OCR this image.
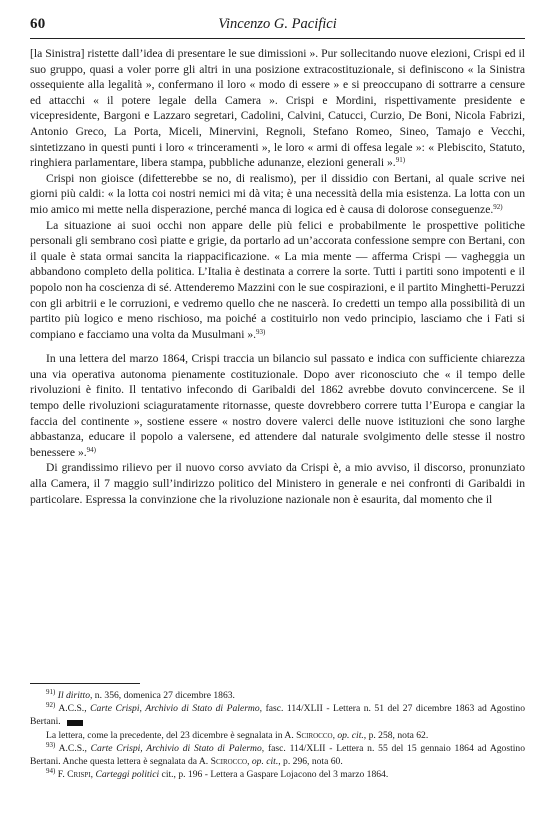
60	Vincenzo G. Pacifici

[la Sinistra] ristette dall’idea di presentare le sue dimissioni ». Pur sollecitando nuove elezioni, Crispi ed il suo gruppo, quasi a voler porre gli altri in una posizione extracostituzionale, si definiscono « la Sinistra ossequiente alla legalità », confermano il loro « modo di essere » e si preoccupano di sottrarre a censure ed attacchi « il potere legale della Camera ». Crispi e Mordini, rispettivamente presidente e vicepresidente, Bargoni e Lazzaro segretari, Cadolini, Calvini, Catucci, Curzio, De Boni, Nicola Fabrizi, Antonio Greco, La Porta, Miceli, Minervini, Regnoli, Stefano Romeo, Sineo, Tamajo e Vecchi, sintetizzano in questi punti i loro « trinceramenti », le loro « armi di offesa legale »: « Plebiscito, Statuto, ringhiera parlamentare, libera stampa, pubbliche adunanze, elezioni generali ».$^{91)}$

Crispi non gioisce (difetterebbe se no, di realismo), per il dissidio con Bertani, al quale scrive nei giorni più caldi: « la lotta coi nostri nemici mi dà vita; è una necessità della mia esistenza. La lotta con un mio amico mi mette nella disperazione, perché manca di logica ed è causa di dolorose conseguenze.$^{92)}$

La situazione ai suoi occhi non appare delle più felici e probabilmente le prospettive politiche personali gli sembrano così piatte e grigie, da portarlo ad un’accorata confessione sempre con Bertani, con il quale è stata ormai sancita la riappacificazione. « La mia mente — afferma Crispi — vagheggia un abbandono completo della politica. L’Italia è destinata a correre la sorte. Tutti i partiti sono impotenti e il popolo non ha coscienza di sé. Attenderemo Mazzini con le sue cospirazioni, e il partito Minghetti-Peruzzi con gli arbitrii e le corruzioni, e vedremo quello che ne nascerà. Io credetti un tempo alla possibilità di un partito più logico e meno rischioso, ma poiché a costituirlo non vedo principio, lasciamo che i Fati si compiano e facciamo una volta da Musulmani ».$^{93)}$

In una lettera del marzo 1864, Crispi traccia un bilancio sul passato e indica con sufficiente chiarezza una via operativa autonoma pienamente costituzionale. Dopo aver riconosciuto che « il tempo delle rivoluzioni è finito. Il tentativo infecondo di Garibaldi del 1862 avrebbe dovuto convincercene. Se il tempo delle rivoluzioni sciaguratamente ritornasse, queste dovrebbero correre tutta l’Europa e cangiar la faccia del continente », sostiene essere « nostro dovere valerci delle nuove istituzioni che sono larghe abbastanza, educare il popolo a valersene, ed attendere dal naturale svolgimento delle stesse il nostro benessere ».$^{94)}$

Di grandissimo rilievo per il nuovo corso avviato da Crispi è, a mio avviso, il discorso, pronunziato alla Camera, il 7 maggio sull’indirizzo politico del Ministero in generale e nei confronti di Garibaldi in particolare. Espressa la convinzione che la rivoluzione nazionale non è esaurita, dal momento che il

$^{91)}$ Il diritto, n. 356, domenica 27 dicembre 1863.

$^{92)}$ A.C.S., Carte Crispi, Archivio di Stato di Palermo, fasc. 114/XLII - Lettera n. 51 del 27 dicembre 1863 ad Agostino Bertani.

La lettera, come la precedente, del 23 dicembre è segnalata in A. Scirocco, op. cit., p. 258, nota 62.

$^{93)}$ A.C.S., Carte Crispi, Archivio di Stato di Palermo, fasc. 114/XLII - Lettera n. 55 del 15 gennaio 1864 ad Agostino Bertani. Anche questa lettera è segnalata da A. Scirocco, op. cit., p. 296, nota 60.

$^{94)}$ F. Crispi, Carteggi politici cit., p. 196 - Lettera a Gaspare Lojacono del 3 marzo 1864.
